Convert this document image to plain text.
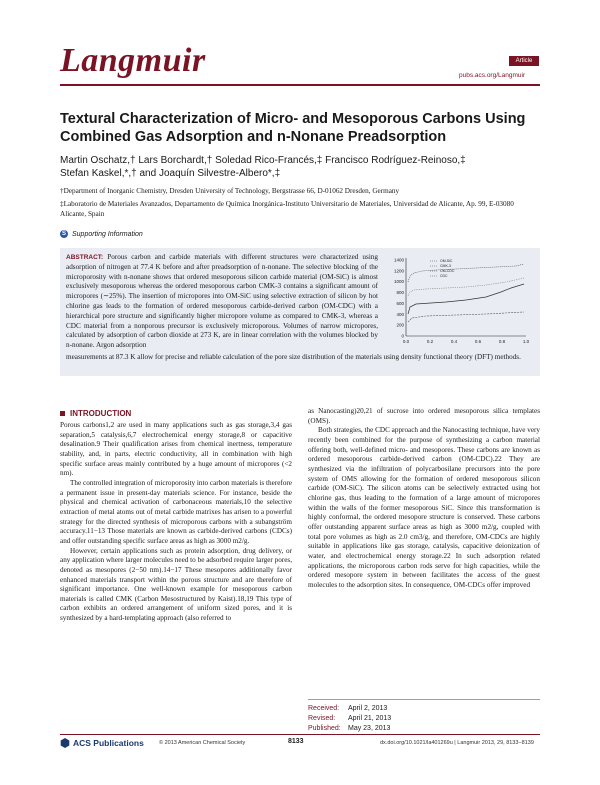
Langmuir	Article
pubs.acs.org/Langmuir
Textural Characterization of Micro- and Mesoporous Carbons Using Combined Gas Adsorption and n-Nonane Preadsorption
Martin Oschatz,† Lars Borchardt,† Soledad Rico-Francés,‡ Francisco Rodríguez-Reinoso,‡
Stefan Kaskel,*,† and Joaquín Silvestre-Albero*,‡
†Department of Inorganic Chemistry, Dresden University of Technology, Bergstrasse 66, D-01062 Dresden, Germany
‡Laboratorio de Materiales Avanzados, Departamento de Química Inorgánica-Instituto Universitario de Materiales, Universidad de Alicante, Ap. 99, E-03080 Alicante, Spain
S Supporting Information
ABSTRACT: Porous carbon and carbide materials with different structures were characterized using adsorption of nitrogen at 77.4 K before and after preadsorption of n-nonane. The selective blocking of the microporosity with n-nonane shows that ordered mesoporous silicon carbide material (OM-SiC) is almost exclusively mesoporous whereas the ordered mesoporous carbon CMK-3 contains a significant amount of micropores (∼25%). The insertion of micropores into OM-SiC using selective extraction of silicon by hot chlorine gas leads to the formation of ordered mesoporous carbide-derived carbon (OM-CDC) with a hierarchical pore structure and significantly higher micropore volume as compared to CMK-3, whereas a CDC material from a nonporous precursor is exclusively microporous. Volumes of narrow micropores, calculated by adsorption of carbon dioxide at 273 K, are in linear correlation with the volumes blocked by n-nonane. Argon adsorption
measurements at 87.3 K allow for precise and reliable calculation of the pore size distribution of the materials using density functional theory (DFT) methods.
1400
1200
1000
800
600
400
200
0
0.0	0.2	0.4	0.6	0.8	1.0
OM-SiC
CMK-3
OM-CDC
CDC
INTRODUCTION

Porous carbons1,2 are used in many applications such as gas storage,3,4 gas separation,5 catalysis,6,7 electrochemical energy storage,8 or capacitive desalination.9 Their qualification arises from chemical inertness, temperature stability, and, in parts, electric conductivity, all in combination with high specific surface areas mainly contributed by a huge amount of micropores (<2 nm).

The controlled integration of microporosity into carbon materials is therefore a permanent issue in present-day materials science. For instance, beside the physical and chemical activation of carbonaceous materials,10 the selective extraction of metal atoms out of metal carbide matrixes has arisen to a powerful strategy for the directed synthesis of microporous carbons with a subangström accuracy.11−13 Those materials are known as carbide-derived carbons (CDCs) and offer outstanding specific surface areas as high as 3000 m2/g.

However, certain applications such as protein adsorption, drug delivery, or any application where larger molecules need to be adsorbed require larger pores, denoted as mesopores (2−50 nm).14−17 These mesopores additionally favor enhanced materials transport within the porous structure and are therefore of significant importance. One well-known example for mesoporous carbon materials is called CMK (Carbon Mesostructured by Kaist).18,19 This type of carbon exhibits an ordered arrangement of uniform sized pores, and it is synthesized by a hard-templating approach (also referred to

as Nanocasting)20,21 of sucrose into ordered mesoporous silica templates (OMS).

Both strategies, the CDC approach and the Nanocasting technique, have very recently been combined for the purpose of synthesizing a carbon material offering both, well-defined micro- and mesopores. These carbons are known as ordered mesoporous carbide-derived carbon (OM-CDC).22 They are synthesized via the infiltration of polycarbosilane precursors into the pore system of OMS allowing for the formation of ordered mesoporous silicon carbide (OM-SiC). The silicon atoms can be selectively extracted using hot chlorine gas, thus leading to the formation of a large amount of micropores within the walls of the former mesoporous SiC. Since this transformation is highly conformal, the ordered mesopore structure is conserved. These carbons offer outstanding apparent surface areas as high as 3000 m2/g, coupled with total pore volumes as high as 2.0 cm3/g, and therefore, OM-CDCs are highly suitable in applications like gas storage, catalysis, capacitive deionization of water, and electrochemical energy storage.22 In such adsorption related applications, the microporous carbon rods serve for high capacities, while the ordered mesopore system in between facilitates the access of the guest molecules to the adsorption sites. In consequence, OM-CDCs offer improved

Received:	April 2, 2013
Revised:	April 21, 2013
Published:	May 23, 2013
ACS Publications	© 2013 American Chemical Society	8133	dx.doi.org/10.1021/la401269u | Langmuir 2013, 29, 8133−8139
